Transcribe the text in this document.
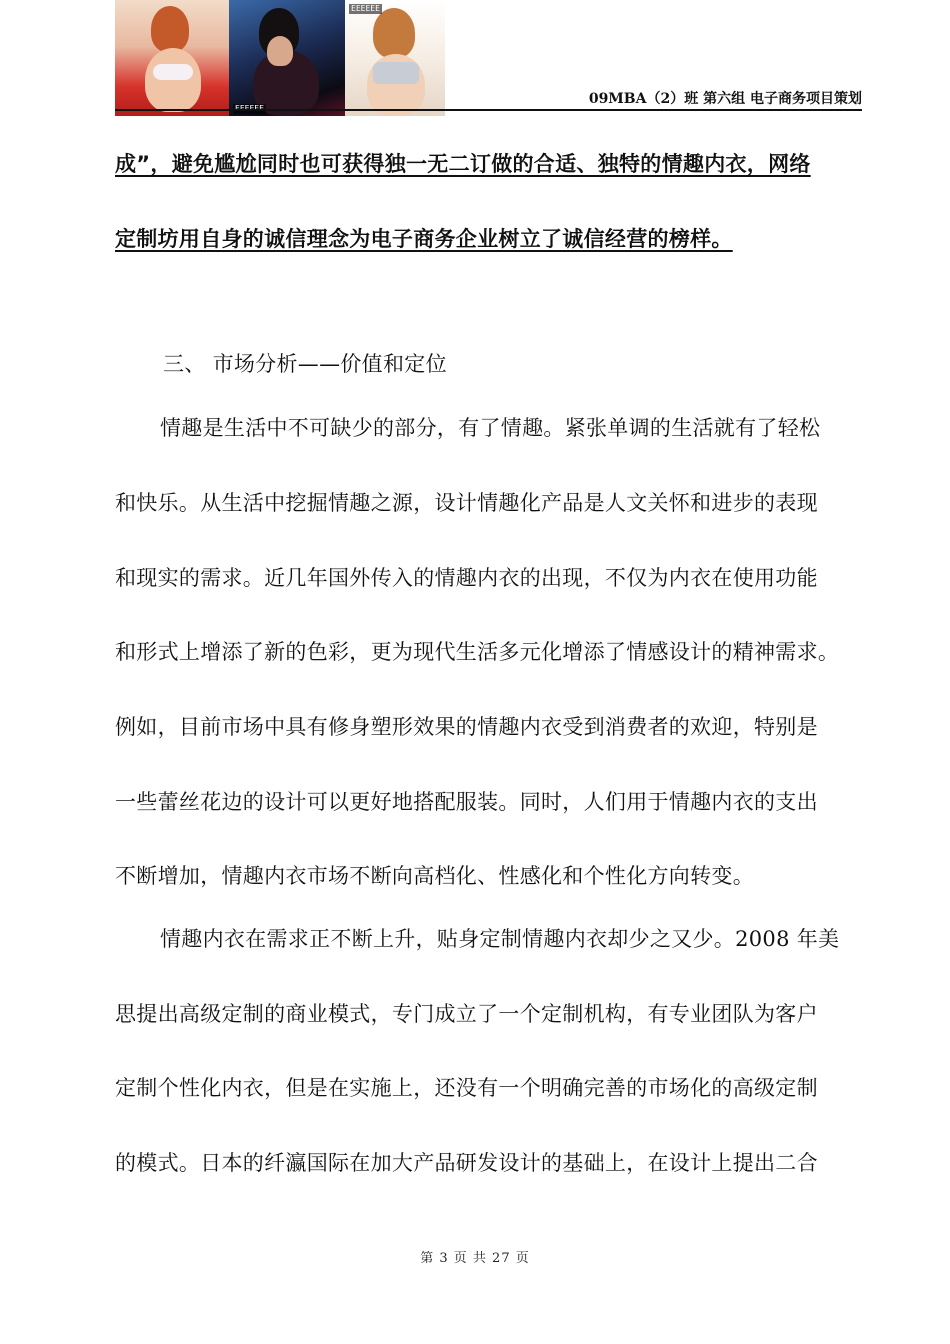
EEEEEE
09MBA（2）班 第六组 电子商务项目策划
成”，避免尴尬同时也可获得独一无二订做的合适、独特的情趣内衣，网络
定制坊用自身的诚信理念为电子商务企业树立了诚信经营的榜样。
三、 市场分析——价值和定位
情趣是生活中不可缺少的部分，有了情趣。紧张单调的生活就有了轻松
和快乐。从生活中挖掘情趣之源，设计情趣化产品是人文关怀和进步的表现
和现实的需求。近几年国外传入的情趣内衣的出现，不仅为内衣在使用功能
和形式上增添了新的色彩，更为现代生活多元化增添了情感设计的精神需求。
例如，目前市场中具有修身塑形效果的情趣内衣受到消费者的欢迎，特别是
一些蕾丝花边的设计可以更好地搭配服装。同时，人们用于情趣内衣的支出
不断增加，情趣内衣市场不断向高档化、性感化和个性化方向转变。
情趣内衣在需求正不断上升，贴身定制情趣内衣却少之又少。2008 年美
思提出高级定制的商业模式，专门成立了一个定制机构，有专业团队为客户
定制个性化内衣，但是在实施上，还没有一个明确完善的市场化的高级定制
的模式。日本的纤瀛国际在加大产品研发设计的基础上，在设计上提出二合
第 3 页 共 27 页
